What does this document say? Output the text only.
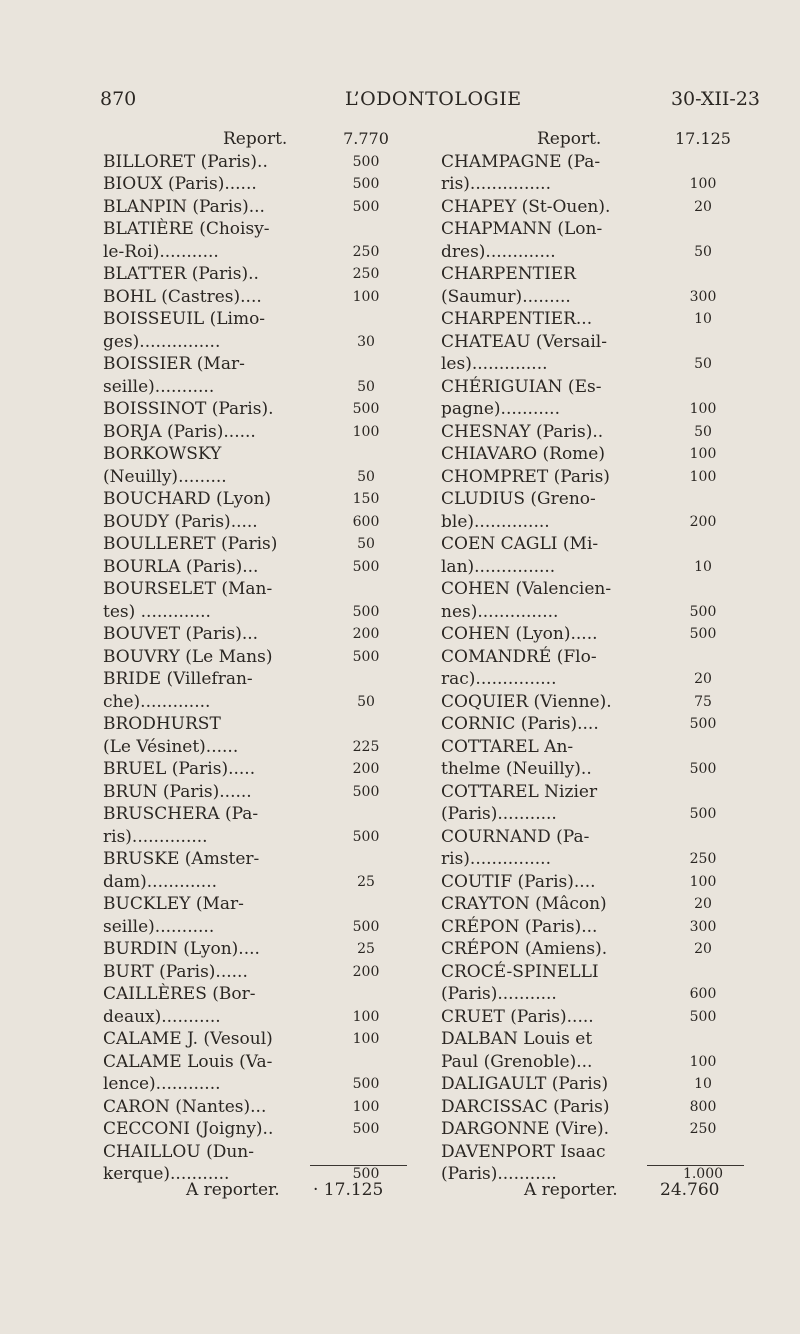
870	L’ODONTOLOGIE	30-XII-23
Report.	7.770
BILLORET (Paris)..	500
BIOUX (Paris)......	500
BLANPIN (Paris)...	500
BLATIÈRE (Choisy-
le-Roi)...........	250
BLATTER (Paris)..	250
BOHL (Castres)....	100
BOISSEUIL (Limo-
ges)...............	30
BOISSIER (Mar-
seille)...........	50
BOISSINOT (Paris).	500
BORJA (Paris)......	100
BORKOWSKY
(Neuilly).........	50
BOUCHARD (Lyon)	150
BOUDY (Paris).....	600
BOULLERET (Paris)	50
BOURLA (Paris)...	500
BOURSELET (Man-
tes) .............	500
BOUVET (Paris)...	200
BOUVRY (Le Mans)	500
BRIDE (Villefran-
che).............	50
BRODHURST
(Le Vésinet)......	225
BRUEL (Paris).....	200
BRUN (Paris)......	500
BRUSCHERA (Pa-
ris)..............	500
BRUSKE (Amster-
dam).............	25
BUCKLEY (Mar-
seille)...........	500
BURDIN (Lyon)....	25
BURT (Paris)......	200
CAILLÈRES (Bor-
deaux)...........	100
CALAME J. (Vesoul)	100
CALAME Louis (Va-
lence)............	500
CARON (Nantes)...	100
CECCONI (Joigny)..	500
CHAILLOU (Dun-
kerque)...........	500
Report.	17.125
CHAMPAGNE (Pa-
ris)...............	100
CHAPEY (St-Ouen).	20
CHAPMANN (Lon-
dres).............	50
CHARPENTIER
(Saumur).........	300
CHARPENTIER...	10
CHATEAU (Versail-
les)..............	50
CHÉRIGUIAN (Es-
pagne)...........	100
CHESNAY (Paris)..	50
CHIAVARO (Rome)	100
CHOMPRET (Paris)	100
CLUDIUS (Greno-
ble)..............	200
COEN CAGLI (Mi-
lan)...............	10
COHEN (Valencien-
nes)...............	500
COHEN (Lyon).....	500
COMANDRÉ (Flo-
rac)...............	20
COQUIER (Vienne).	75
CORNIC (Paris)....	500
COTTAREL An-
thelme (Neuilly)..	500
COTTAREL Nizier
(Paris)...........	500
COURNAND (Pa-
ris)...............	250
COUTIF (Paris)....	100
CRAYTON (Mâcon)	20
CRÉPON (Paris)...	300
CRÉPON (Amiens).	20
CROCÉ-SPINELLI
(Paris)...........	600
CRUET (Paris).....	500
DALBAN Louis et
Paul (Grenoble)...	100
DALIGAULT (Paris)	10
DARCISSAC (Paris)	800
DARGONNE (Vire).	250
DAVENPORT Isaac
(Paris)...........	1.000
A reporter. · 17.125	A reporter. 24.760
